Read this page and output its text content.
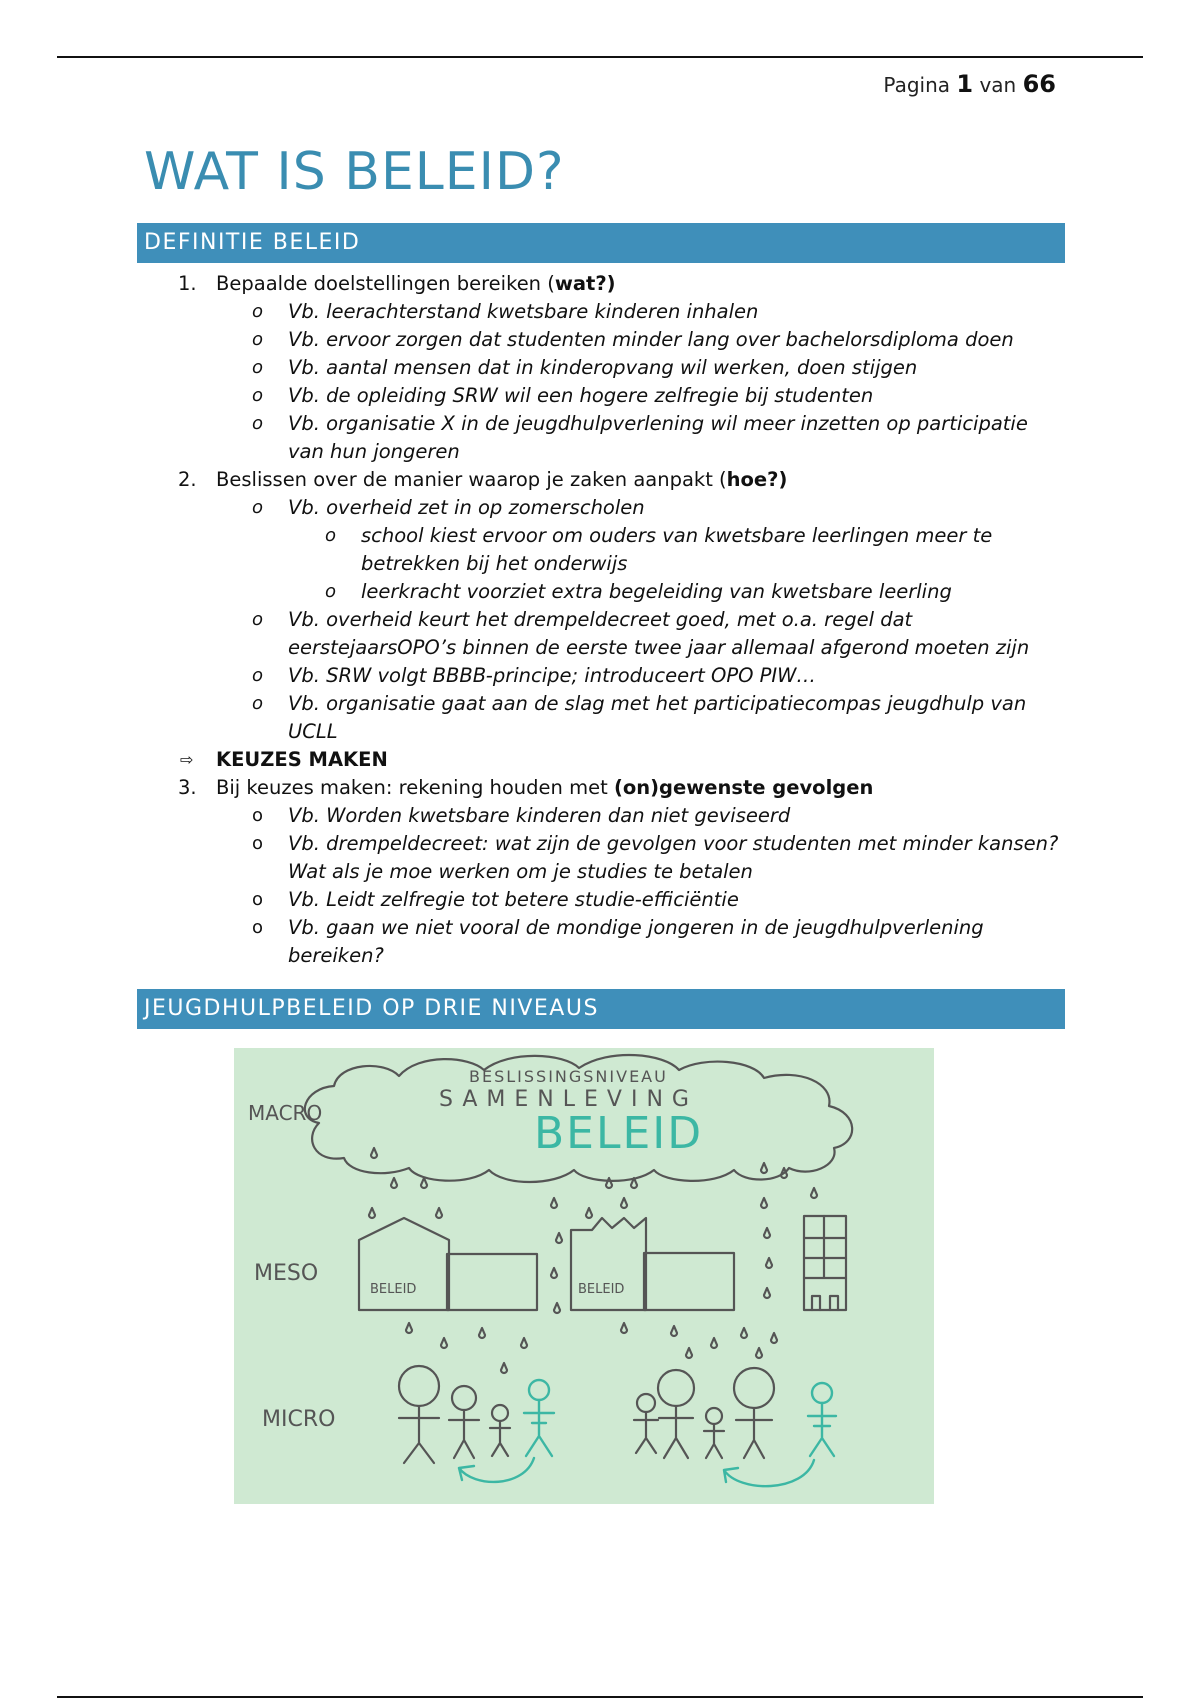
Pagina 1 van 66
WAT IS BELEID?
DEFINITIE BELEID
1. Bepaalde doelstellingen bereiken (wat?)
o Vb. leerachterstand kwetsbare kinderen inhalen
o Vb. ervoor zorgen dat studenten minder lang over bachelorsdiploma doen
o Vb. aantal mensen dat in kinderopvang wil werken, doen stijgen
o Vb. de opleiding SRW wil een hogere zelfregie bij studenten
o Vb. organisatie X in de jeugdhulpverlening wil meer inzetten op participatie van hun jongeren
2. Beslissen over de manier waarop je zaken aanpakt (hoe?)
o Vb. overheid zet in op zomerscholen
o school kiest ervoor om ouders van kwetsbare leerlingen meer te betrekken bij het onderwijs
o leerkracht voorziet extra begeleiding van kwetsbare leerling
o Vb. overheid keurt het drempeldecreet goed, met o.a. regel dat eerstejaarsOPO’s binnen de eerste twee jaar allemaal afgerond moeten zijn
o Vb. SRW volgt BBBB-principe; introduceert OPO PIW…
o Vb. organisatie gaat aan de slag met het participatiecompas jeugdhulp van UCLL
⇨ KEUZES MAKEN
3. Bij keuzes maken: rekening houden met (on)gewenste gevolgen
o Vb. Worden kwetsbare kinderen dan niet geviseerd
o Vb. drempeldecreet: wat zijn de gevolgen voor studenten met minder kansen? Wat als je moe werken om je studies te betalen
o Vb. Leidt zelfregie tot betere studie-efficiëntie
o Vb. gaan we niet vooral de mondige jongeren in de jeugdhulpverlening bereiken?
JEUGDHULPBELEID OP DRIE NIVEAUS
MACRO
MESO
MICRO
BESLISSINGSNIVEAU
SAMENLEVING
BELEID	BELEID
BELEID
